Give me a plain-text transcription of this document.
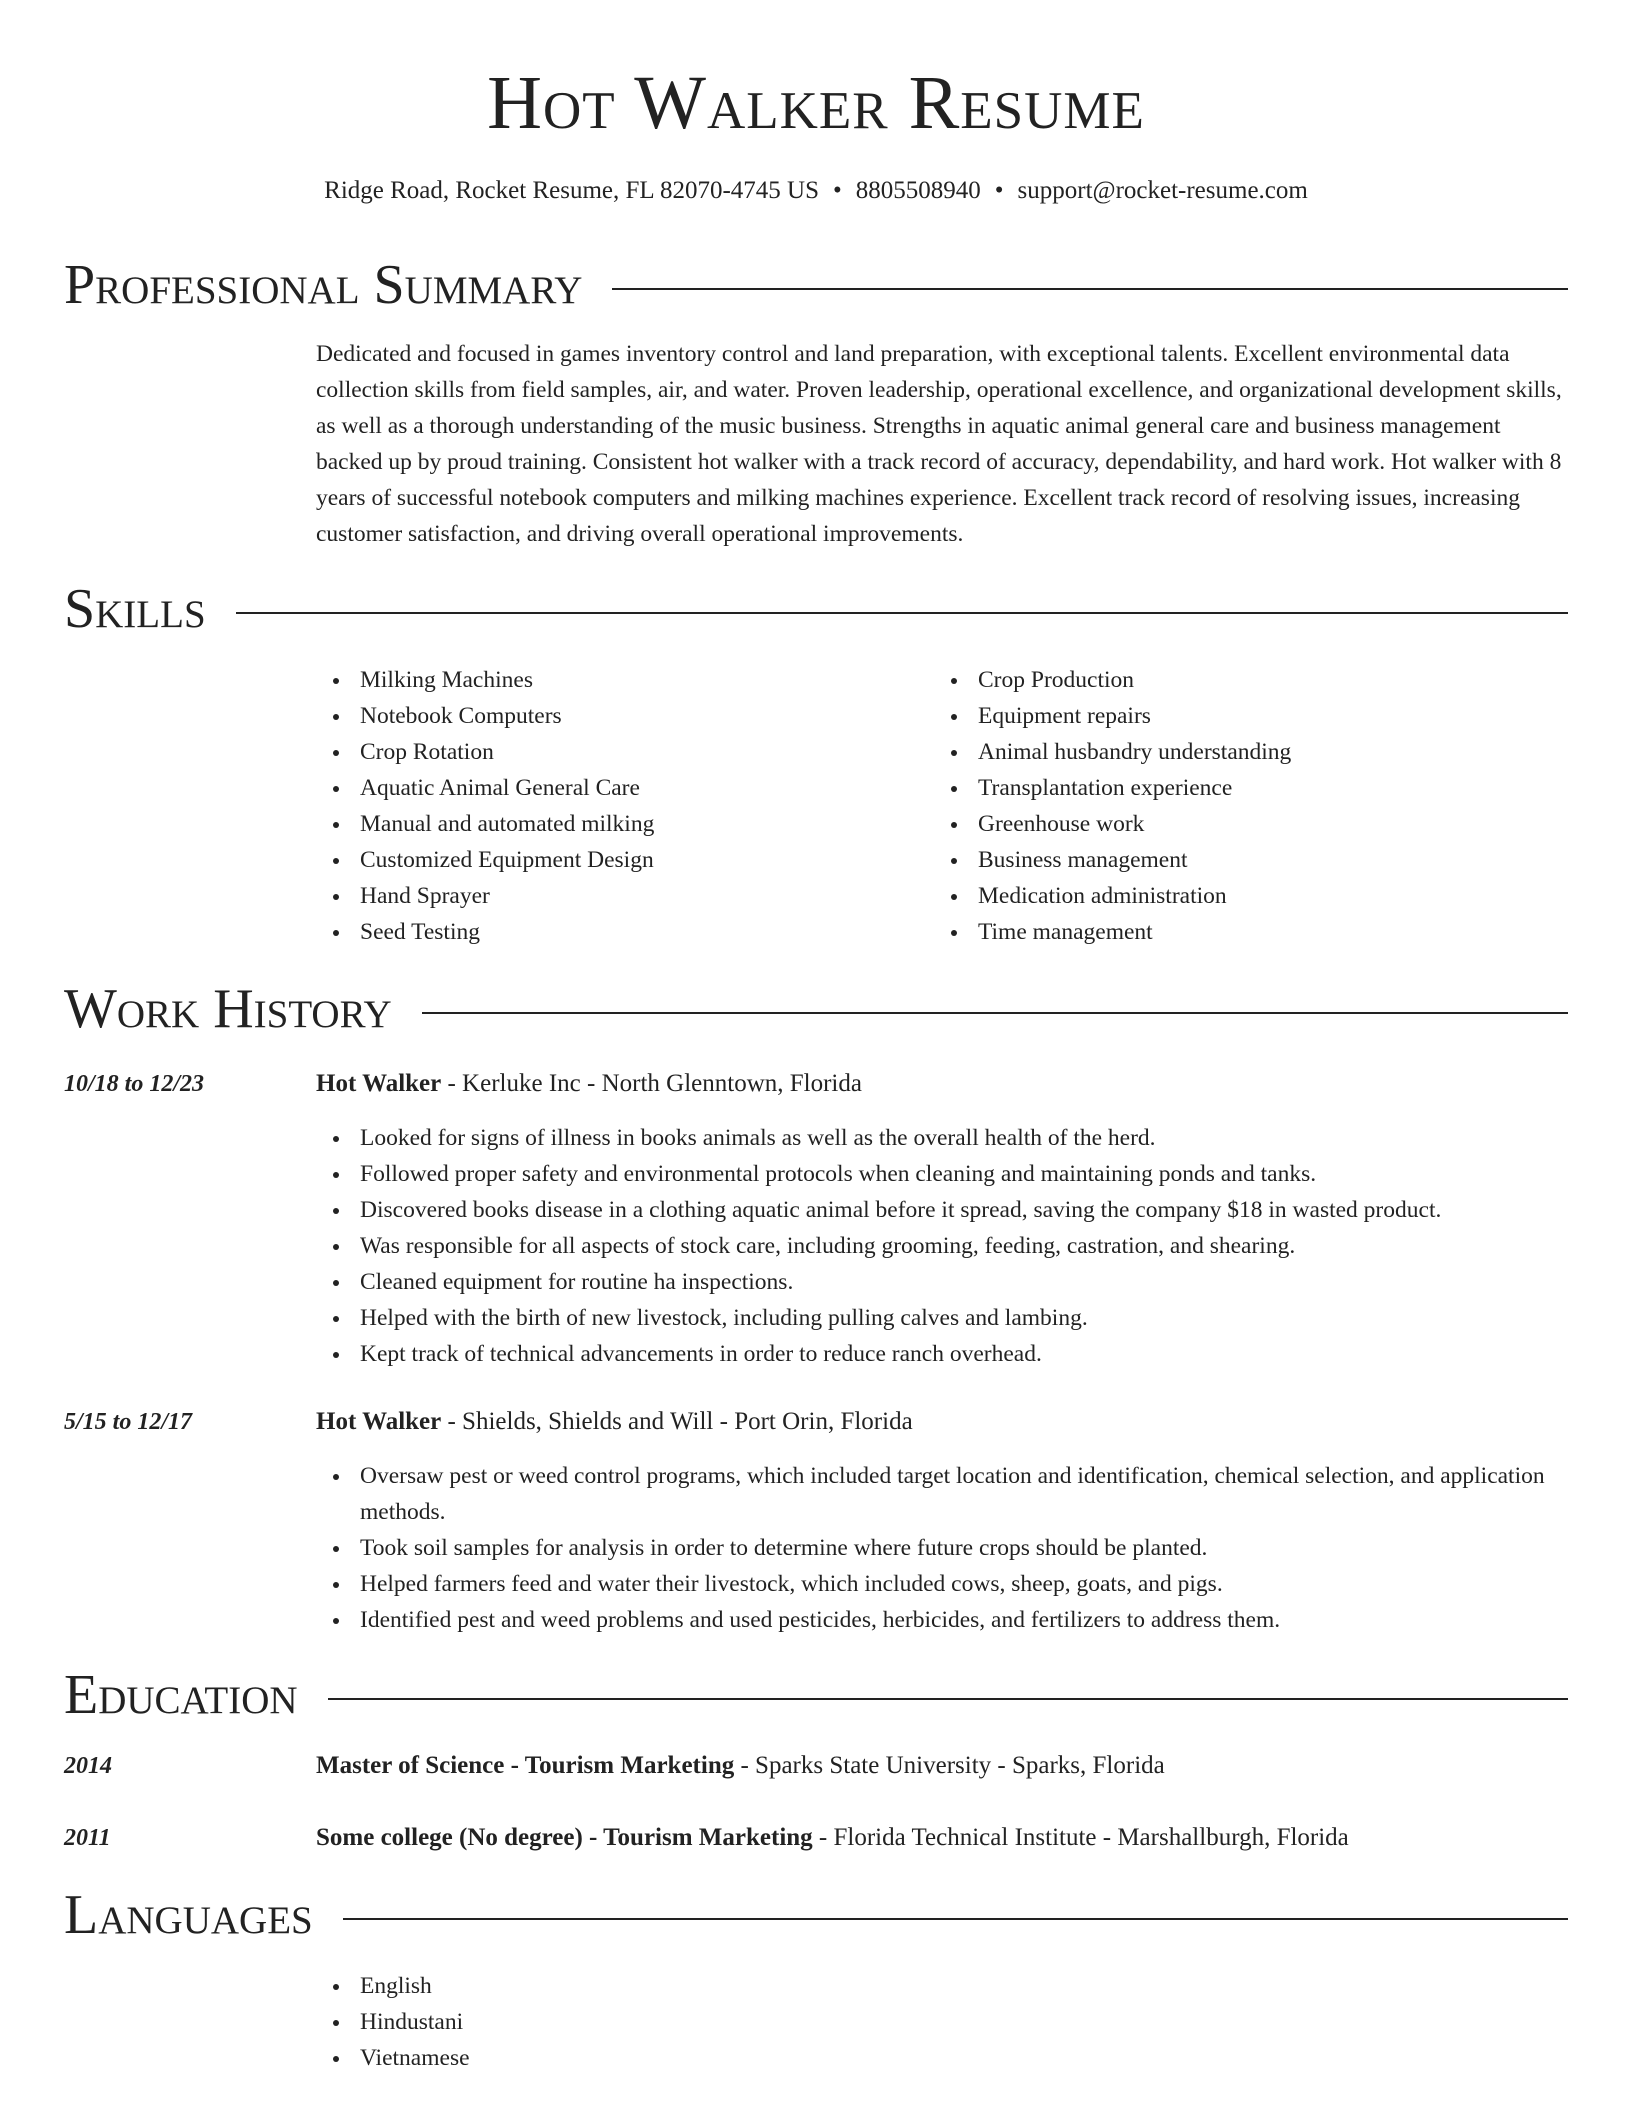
Hot Walker Resume
Ridge Road, Rocket Resume, FL 82070-4745 US • 8805508940 • support@rocket-resume.com
Professional Summary
Dedicated and focused in games inventory control and land preparation, with exceptional talents. Excellent environmental data collection skills from field samples, air, and water. Proven leadership, operational excellence, and organizational development skills, as well as a thorough understanding of the music business. Strengths in aquatic animal general care and business management backed up by proud training. Consistent hot walker with a track record of accuracy, dependability, and hard work. Hot walker with 8 years of successful notebook computers and milking machines experience. Excellent track record of resolving issues, increasing customer satisfaction, and driving overall operational improvements.
Skills
Milking Machines
Notebook Computers
Crop Rotation
Aquatic Animal General Care
Manual and automated milking
Customized Equipment Design
Hand Sprayer
Seed Testing
Crop Production
Equipment repairs
Animal husbandry understanding
Transplantation experience
Greenhouse work
Business management
Medication administration
Time management
Work History
10/18 to 12/23	Hot Walker - Kerluke Inc - North Glenntown, Florida
Looked for signs of illness in books animals as well as the overall health of the herd.
Followed proper safety and environmental protocols when cleaning and maintaining ponds and tanks.
Discovered books disease in a clothing aquatic animal before it spread, saving the company $18 in wasted product.
Was responsible for all aspects of stock care, including grooming, feeding, castration, and shearing.
Cleaned equipment for routine ha inspections.
Helped with the birth of new livestock, including pulling calves and lambing.
Kept track of technical advancements in order to reduce ranch overhead.
5/15 to 12/17	Hot Walker - Shields, Shields and Will - Port Orin, Florida
Oversaw pest or weed control programs, which included target location and identification, chemical selection, and application methods.
Took soil samples for analysis in order to determine where future crops should be planted.
Helped farmers feed and water their livestock, which included cows, sheep, goats, and pigs.
Identified pest and weed problems and used pesticides, herbicides, and fertilizers to address them.
Education
2014	Master of Science - Tourism Marketing - Sparks State University - Sparks, Florida
2011	Some college (No degree) - Tourism Marketing - Florida Technical Institute - Marshallburgh, Florida
Languages
English
Hindustani
Vietnamese
